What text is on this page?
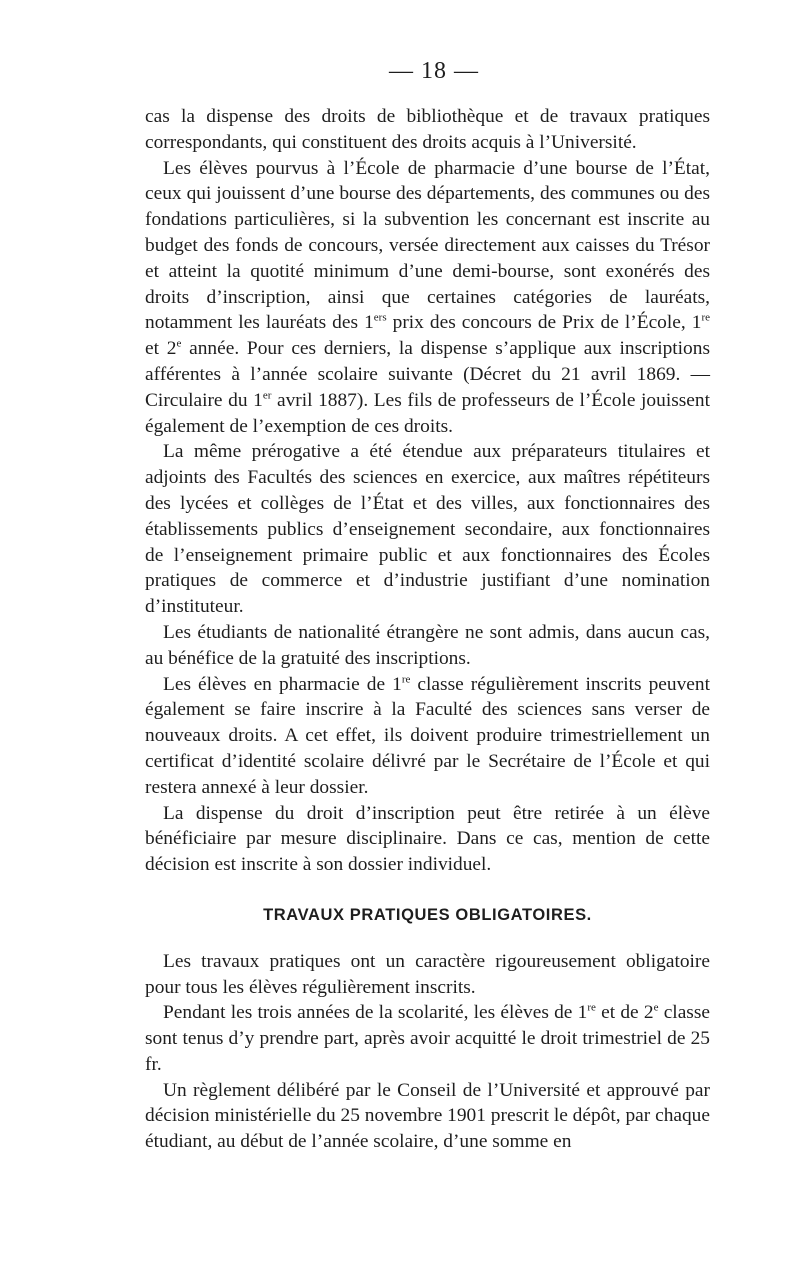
— 18 —

cas la dispense des droits de bibliothèque et de travaux pratiques correspondants, qui constituent des droits acquis à l’Université.

Les élèves pourvus à l’École de pharmacie d’une bourse de l’État, ceux qui jouissent d’une bourse des départements, des communes ou des fondations particulières, si la subvention les concernant est inscrite au budget des fonds de concours, versée directement aux caisses du Trésor et atteint la quotité minimum d’une demi-bourse, sont exonérés des droits d’inscription, ainsi que certaines catégories de lauréats, notamment les lauréats des 1ers prix des concours de Prix de l’École, 1re et 2e année. Pour ces derniers, la dispense s’applique aux inscriptions afférentes à l’année scolaire suivante (Décret du 21 avril 1869. — Circulaire du 1er avril 1887). Les fils de professeurs de l’École jouissent également de l’exemption de ces droits.

La même prérogative a été étendue aux préparateurs titulaires et adjoints des Facultés des sciences en exercice, aux maîtres répétiteurs des lycées et collèges de l’État et des villes, aux fonctionnaires des établissements publics d’enseignement secondaire, aux fonctionnaires de l’enseignement primaire public et aux fonctionnaires des Écoles pratiques de commerce et d’industrie justifiant d’une nomination d’instituteur.

Les étudiants de nationalité étrangère ne sont admis, dans aucun cas, au bénéfice de la gratuité des inscriptions.

Les élèves en pharmacie de 1re classe régulièrement inscrits peuvent également se faire inscrire à la Faculté des sciences sans verser de nouveaux droits. A cet effet, ils doivent produire trimestriellement un certificat d’identité scolaire délivré par le Secrétaire de l’École et qui restera annexé à leur dossier.

La dispense du droit d’inscription peut être retirée à un élève bénéficiaire par mesure disciplinaire. Dans ce cas, mention de cette décision est inscrite à son dossier individuel.

TRAVAUX PRATIQUES OBLIGATOIRES.

Les travaux pratiques ont un caractère rigoureusement obligatoire pour tous les élèves régulièrement inscrits.

Pendant les trois années de la scolarité, les élèves de 1re et de 2e classe sont tenus d’y prendre part, après avoir acquitté le droit trimestriel de 25 fr.

Un règlement délibéré par le Conseil de l’Université et approuvé par décision ministérielle du 25 novembre 1901 prescrit le dépôt, par chaque étudiant, au début de l’année scolaire, d’une somme en
